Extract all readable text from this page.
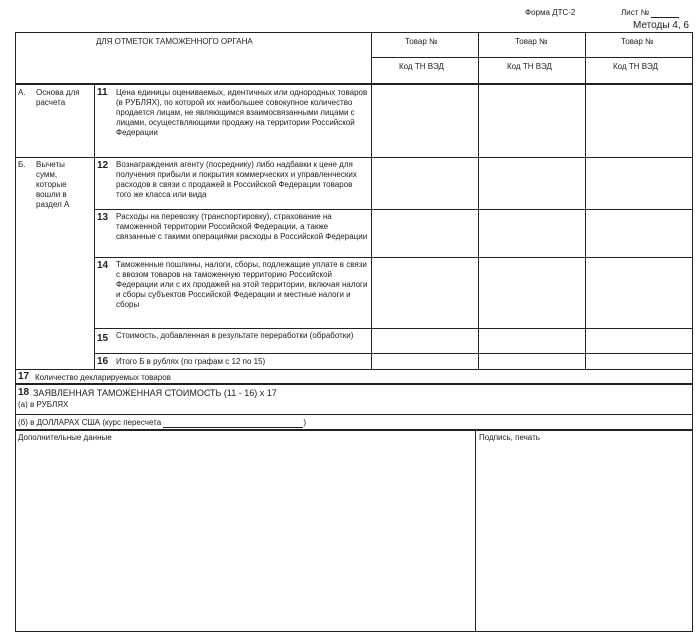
Форма ДТС-2	Лист №
Методы 4, 6
ДЛЯ ОТМЕТОК ТАМОЖЕННОГО ОРГАНА	Товар №	Товар №	Товар №
Код ТН ВЭД	Код ТН ВЭД	Код ТН ВЭД
А. Основа для расчета
11 Цена единицы оцениваемых, идентичных или однородных товаров (в РУБЛЯХ), по которой их наибольшее совокупное количество продается лицам, не являющимся взаимосвязанными лицами с лицами, осуществляющими продажу на территории Российской Федерации
Б. Вычеты сумм, которые вошли в раздел А
12 Вознаграждения агенту (посреднику) либо надбавки к цене для получения прибыли и покрытия коммерческих и управленческих расходов в связи с продажей в Российской Федерации товаров того же класса или вида
13 Расходы на перевозку (транспортировку), страхование на таможенной территории Российской Федерации, а также связанные с такими операциями расходы в Российской Федерации
14 Таможенные пошлины, налоги, сборы, подлежащие уплате в связи с ввозом товаров на таможенную территорию Российской Федерации или с их продажей на этой территории, включая налоги и сборы субъектов Российской Федерации и местные налоги и сборы
15 Стоимость, добавленная в результате переработки (обработки)
16 Итого Б в рублях (по графам с 12 по 15)
17 Количество декларируемых товаров
18 ЗАЯВЛЕННАЯ ТАМОЖЕННАЯ СТОИМОСТЬ (11 - 16) х 17
(а) в РУБЛЯХ
(б) в ДОЛЛАРАХ США (курс пересчета	)
Дополнительные данные	Подпись, печать
